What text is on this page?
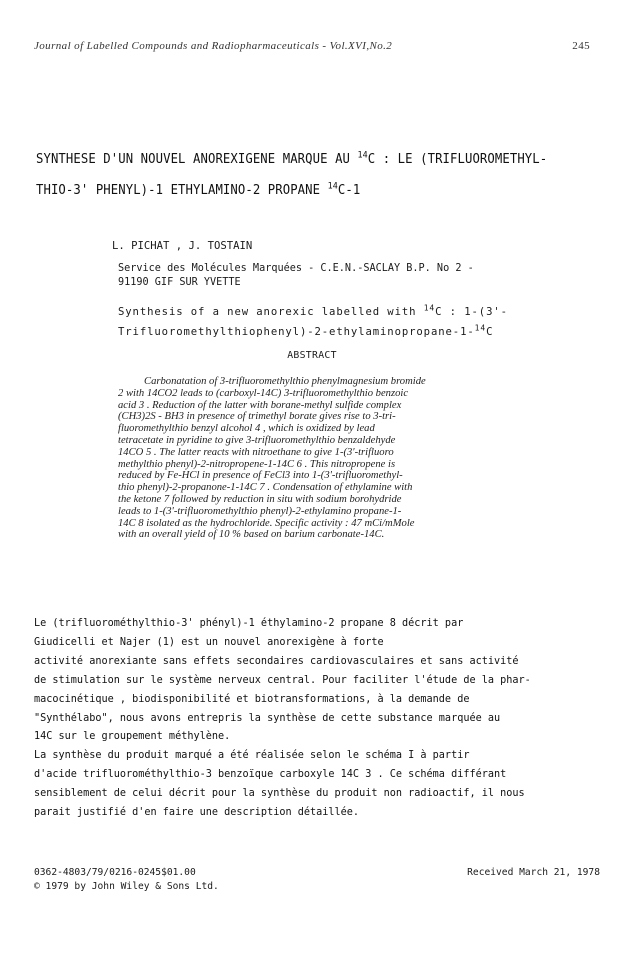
Journal of Labelled Compounds and Radiopharmaceuticals - Vol.XVI,No.2	245
SYNTHESE D'UN NOUVEL ANOREXIGENE MARQUE AU $^{14}$C : LE (TRIFLUOROMETHYL-
THIO-3' PHENYL)-1 ETHYLAMINO-2 PROPANE $^{14}$C-1
L. PICHAT , J. TOSTAIN
Service des Molécules Marquées - C.E.N.-SACLAY B.P. No 2 -
91190 GIF SUR YVETTE
Synthesis of a new anorexic labelled with $^{14}$C : 1-(3'-
Trifluoromethylthiophenyl)-2-ethylaminopropane-1-$^{14}$C
ABSTRACT
Carbonatation of 3-trifluoromethylthio phenylmagnesium bromide
2 with 14CO2 leads to (carboxyl-14C) 3-trifluoromethylthio benzoic
acid 3 . Reduction of the latter with borane-methyl sulfide complex
(CH3)2S - BH3 in presence of trimethyl borate gives rise to 3-tri-
fluoromethylthio benzyl alcohol 4 , which is oxidized by lead
tetracetate in pyridine to give 3-trifluoromethylthio benzaldehyde
14CO 5 . The latter reacts with nitroethane to give 1-(3'-trifluoro
methylthio phenyl)-2-nitropropene-1-14C 6 . This nitropropene is
reduced by Fe-HCl in presence of FeCl3 into 1-(3'-trifluoromethyl-
thio phenyl)-2-propanone-1-14C 7 . Condensation of ethylamine with
the ketone 7 followed by reduction in situ with sodium borohydride
leads to 1-(3'-trifluoromethylthio phenyl)-2-ethylamino propane-1-
14C 8 isolated as the hydrochloride. Specific activity : 47 mCi/mMole
with an overall yield of 10 % based on barium carbonate-14C.
Le (trifluorométhylthio-3' phényl)-1 éthylamino-2 propane 8 décrit par
Giudicelli et Najer (1) est un nouvel anorexigène à forte
activité anorexiante sans effets secondaires cardiovasculaires et sans activité
de stimulation sur le système nerveux central. Pour faciliter l'étude de la phar-
macocinétique , biodisponibilité et biotransformations, à la demande de
"Synthélabo", nous avons entrepris la synthèse de cette substance marquée au
14C sur le groupement méthylène.
La synthèse du produit marqué a été réalisée selon le schéma I à partir
d'acide trifluorométhylthio-3 benzoïque carboxyle 14C 3 . Ce schéma différant
sensiblement de celui décrit pour la synthèse du produit non radioactif, il nous
parait justifié d'en faire une description détaillée.
0362-4803/79/0216-0245$01.00
© 1979 by John Wiley & Sons Ltd.
Received March 21, 1978
